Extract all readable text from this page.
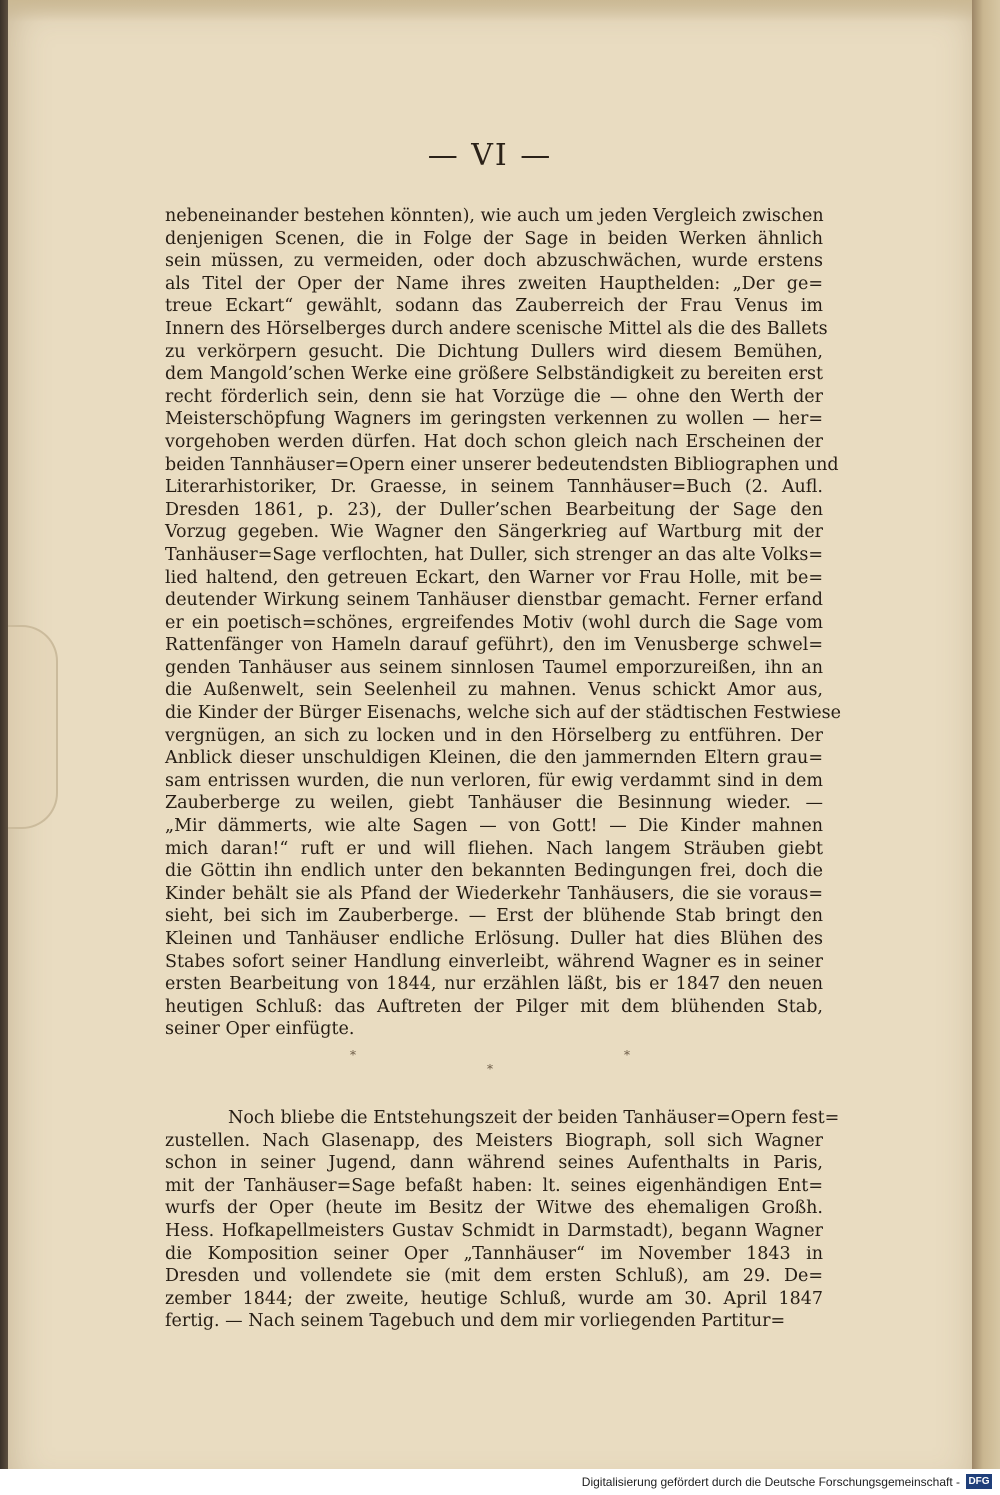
— VI —
nebeneinander bestehen könnten), wie auch um jeden Vergleich zwischen
denjenigen Scenen, die in Folge der Sage in beiden Werken ähnlich
sein müssen, zu vermeiden, oder doch abzuschwächen, wurde erstens
als Titel der Oper der Name ihres zweiten Haupthelden: „Der ge=
treue Eckart“ gewählt, sodann das Zauberreich der Frau Venus im
Innern des Hörselberges durch andere scenische Mittel als die des Ballets
zu verkörpern gesucht. Die Dichtung Dullers wird diesem Bemühen,
dem Mangold’schen Werke eine größere Selbständigkeit zu bereiten erst
recht förderlich sein, denn sie hat Vorzüge die — ohne den Werth der
Meisterschöpfung Wagners im geringsten verkennen zu wollen — her=
vorgehoben werden dürfen. Hat doch schon gleich nach Erscheinen der
beiden Tannhäuser=Opern einer unserer bedeutendsten Bibliographen und
Literarhistoriker, Dr. Graesse, in seinem Tannhäuser=Buch (2. Aufl.
Dresden 1861, p. 23), der Duller’schen Bearbeitung der Sage den
Vorzug gegeben. Wie Wagner den Sängerkrieg auf Wartburg mit der
Tanhäuser=Sage verflochten, hat Duller, sich strenger an das alte Volks=
lied haltend, den getreuen Eckart, den Warner vor Frau Holle, mit be=
deutender Wirkung seinem Tanhäuser dienstbar gemacht. Ferner erfand
er ein poetisch=schönes, ergreifendes Motiv (wohl durch die Sage vom
Rattenfänger von Hameln darauf geführt), den im Venusberge schwel=
genden Tanhäuser aus seinem sinnlosen Taumel emporzureißen, ihn an
die Außenwelt, sein Seelenheil zu mahnen. Venus schickt Amor aus,
die Kinder der Bürger Eisenachs, welche sich auf der städtischen Festwiese
vergnügen, an sich zu locken und in den Hörselberg zu entführen. Der
Anblick dieser unschuldigen Kleinen, die den jammernden Eltern grau=
sam entrissen wurden, die nun verloren, für ewig verdammt sind in dem
Zauberberge zu weilen, giebt Tanhäuser die Besinnung wieder. —
„Mir dämmerts, wie alte Sagen — von Gott! — Die Kinder mahnen
mich daran!“ ruft er und will fliehen. Nach langem Sträuben giebt
die Göttin ihn endlich unter den bekannten Bedingungen frei, doch die
Kinder behält sie als Pfand der Wiederkehr Tanhäusers, die sie voraus=
sieht, bei sich im Zauberberge. — Erst der blühende Stab bringt den
Kleinen und Tanhäuser endliche Erlösung. Duller hat dies Blühen des
Stabes sofort seiner Handlung einverleibt, während Wagner es in seiner
ersten Bearbeitung von 1844, nur erzählen läßt, bis er 1847 den neuen
heutigen Schluß: das Auftreten der Pilger mit dem blühenden Stab,
seiner Oper einfügte.
*
*
*
Noch bliebe die Entstehungszeit der beiden Tanhäuser=Opern fest=
zustellen. Nach Glasenapp, des Meisters Biograph, soll sich Wagner
schon in seiner Jugend, dann während seines Aufenthalts in Paris,
mit der Tanhäuser=Sage befaßt haben: lt. seines eigenhändigen Ent=
wurfs der Oper (heute im Besitz der Witwe des ehemaligen Großh.
Hess. Hofkapellmeisters Gustav Schmidt in Darmstadt), begann Wagner
die Komposition seiner Oper „Tannhäuser“ im November 1843 in
Dresden und vollendete sie (mit dem ersten Schluß), am 29. De=
zember 1844; der zweite, heutige Schluß, wurde am 30. April 1847
fertig. — Nach seinem Tagebuch und dem mir vorliegenden Partitur=
Digitalisierung gefördert durch die Deutsche Forschungsgemeinschaft - DFG
